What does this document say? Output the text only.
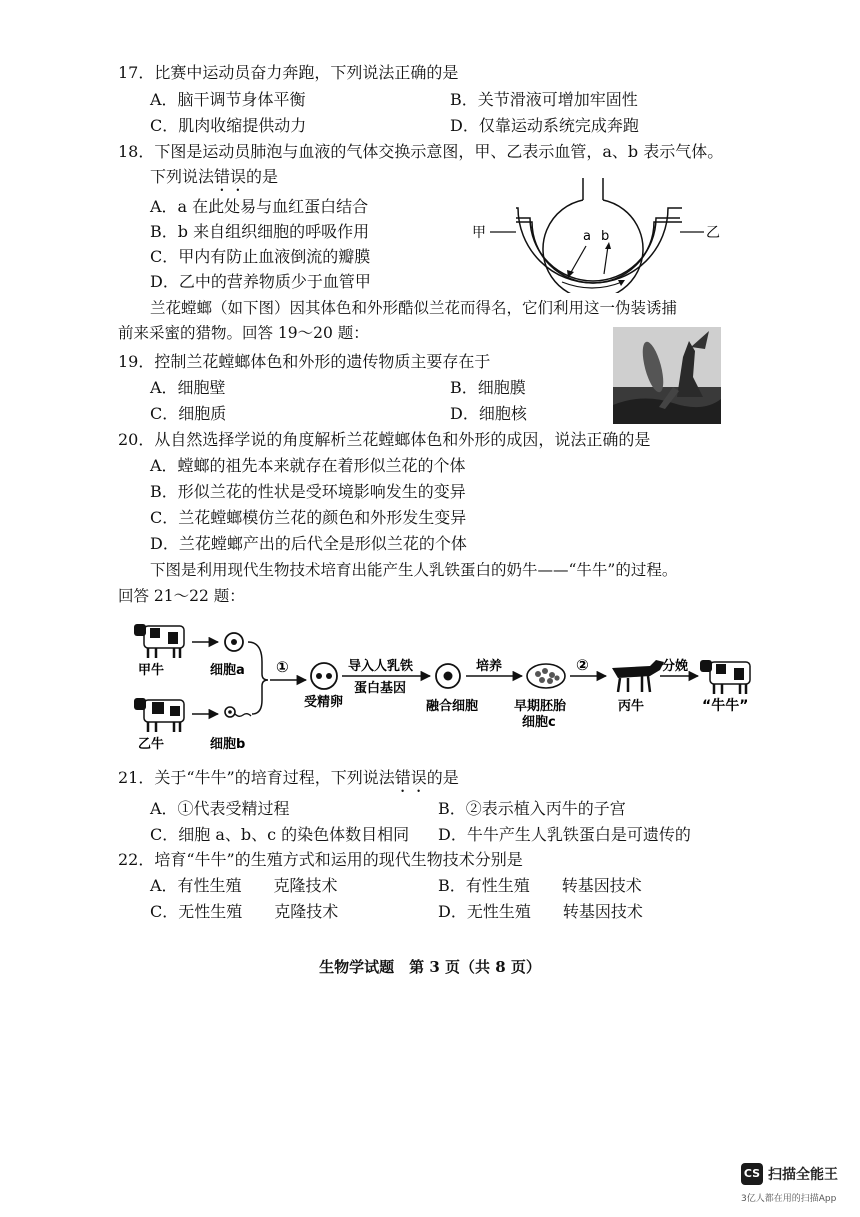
17．比赛中运动员奋力奔跑，下列说法正确的是
A．脑干调节身体平衡	B．关节滑液可增加牢固性
C．肌肉收缩提供动力	D．仅靠运动系统完成奔跑
18．下图是运动员肺泡与血液的气体交换示意图，甲、乙表示血管，a、b 表示气体。
下列说法错误的是
A．a 在此处易与血红蛋白结合
B．b 来自组织细胞的呼吸作用
C．甲内有防止血液倒流的瓣膜
D．乙中的营养物质少于血管甲
甲	乙
a b
兰花螳螂（如下图）因其体色和外形酷似兰花而得名，它们利用这一伪装诱捕
前来采蜜的猎物。回答 19～20 题：
19．控制兰花螳螂体色和外形的遗传物质主要存在于
A．细胞壁	B．细胞膜
C．细胞质	D．细胞核
20．从自然选择学说的角度解析兰花螳螂体色和外形的成因，说法正确的是
A．螳螂的祖先本来就存在着形似兰花的个体
B．形似兰花的性状是受环境影响发生的变异
C．兰花螳螂模仿兰花的颜色和外形发生变异
D．兰花螳螂产出的后代全是形似兰花的个体
下图是利用现代生物技术培育出能产生人乳铁蛋白的奶牛——“牛牛”的过程。
回答 21～22 题：
甲牛	细胞a
乙牛	细胞b
①
受精卵
导入人乳铁
蛋白基因
融合细胞
培养
早期胚胎
细胞c
②
丙牛
分娩
“牛牛”
21．关于“牛牛”的培育过程，下列说法错误的是
A．①代表受精过程	B．②表示植入丙牛的子宫
C．细胞 a、b、c 的染色体数目相同 D．牛牛产生人乳铁蛋白是可遗传的
22．培育“牛牛”的生殖方式和运用的现代生物技术分别是
A．有性生殖　　克隆技术	B．有性生殖　　转基因技术
C．无性生殖　　克隆技术	D．无性生殖　　转基因技术
生物学试题　第 3 页（共 8 页）
CS 扫描全能王
3亿人都在用的扫描App
